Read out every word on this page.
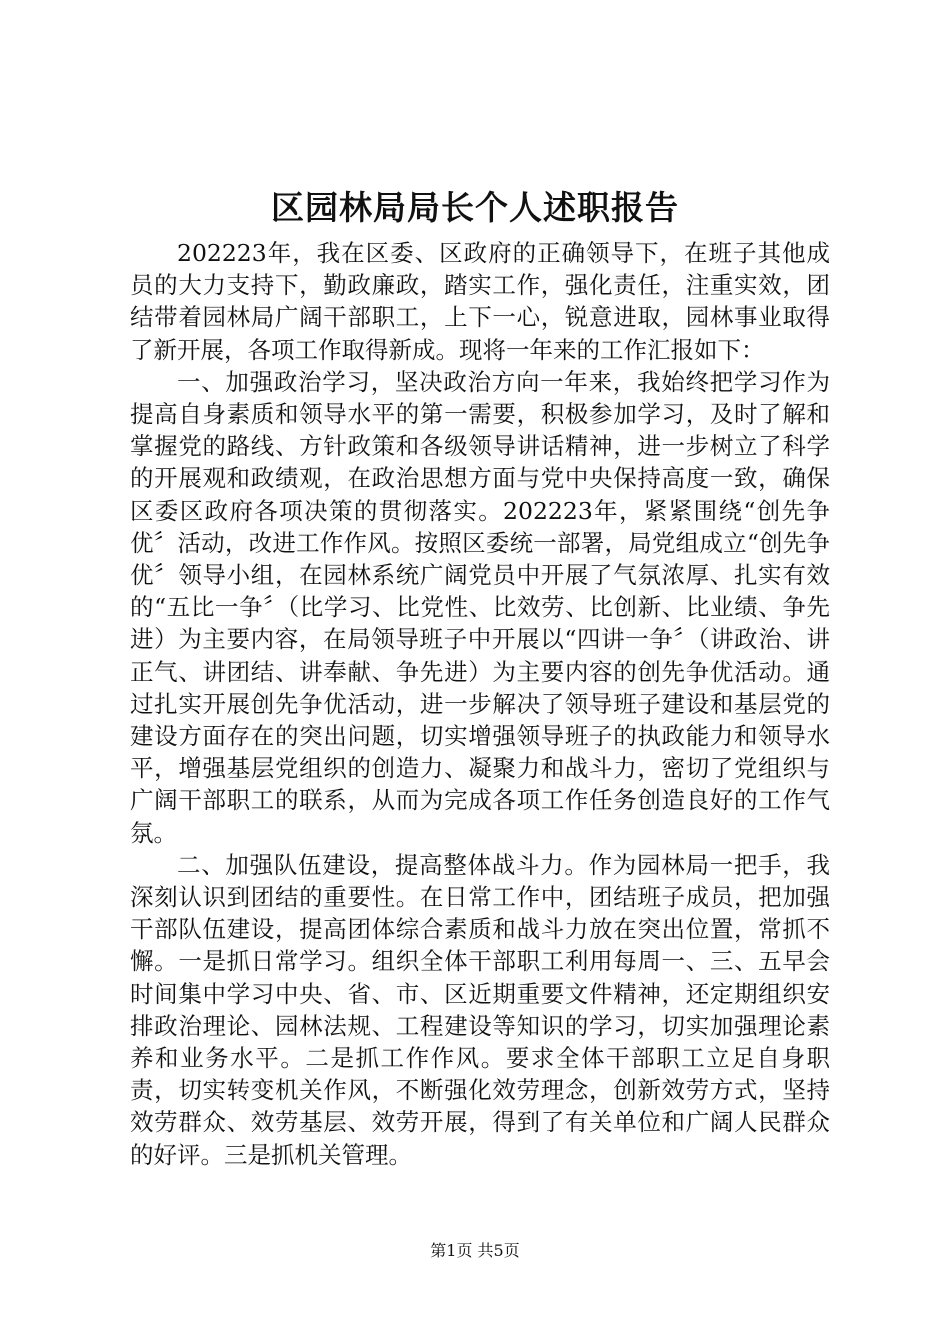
区园林局局长个人述职报告

202223年，我在区委、区政府的正确领导下，在班子其他成员的大力支持下，勤政廉政，踏实工作，强化责任，注重实效，团结带着园林局广阔干部职工，上下一心，锐意进取，园林事业取得了新开展，各项工作取得新成。现将一年来的工作汇报如下：

一、加强政治学习，坚决政治方向一年来，我始终把学习作为提高自身素质和领导水平的第一需要，积极参加学习，及时了解和掌握党的路线、方针政策和各级领导讲话精神，进一步树立了科学的开展观和政绩观，在政治思想方面与党中央保持高度一致，确保区委区政府各项决策的贯彻落实。202223年，紧紧围绕“创先争优〞活动，改进工作作风。按照区委统一部署，局党组成立“创先争优〞领导小组，在园林系统广阔党员中开展了气氛浓厚、扎实有效的“五比一争〞（比学习、比党性、比效劳、比创新、比业绩、争先进）为主要内容，在局领导班子中开展以“四讲一争〞（讲政治、讲正气、讲团结、讲奉献、争先进）为主要内容的创先争优活动。通过扎实开展创先争优活动，进一步解决了领导班子建设和基层党的建设方面存在的突出问题，切实增强领导班子的执政能力和领导水平，增强基层党组织的创造力、凝聚力和战斗力，密切了党组织与广阔干部职工的联系，从而为完成各项工作任务创造良好的工作气氛。

二、加强队伍建设，提高整体战斗力。作为园林局一把手，我深刻认识到团结的重要性。在日常工作中，团结班子成员，把加强干部队伍建设，提高团体综合素质和战斗力放在突出位置，常抓不懈。一是抓日常学习。组织全体干部职工利用每周一、三、五早会时间集中学习中央、省、市、区近期重要文件精神，还定期组织安排政治理论、园林法规、工程建设等知识的学习，切实加强理论素养和业务水平。二是抓工作作风。要求全体干部职工立足自身职责，切实转变机关作风，不断强化效劳理念，创新效劳方式，坚持效劳群众、效劳基层、效劳开展，得到了有关单位和广阔人民群众的好评。三是抓机关管理。

第1页 共5页
